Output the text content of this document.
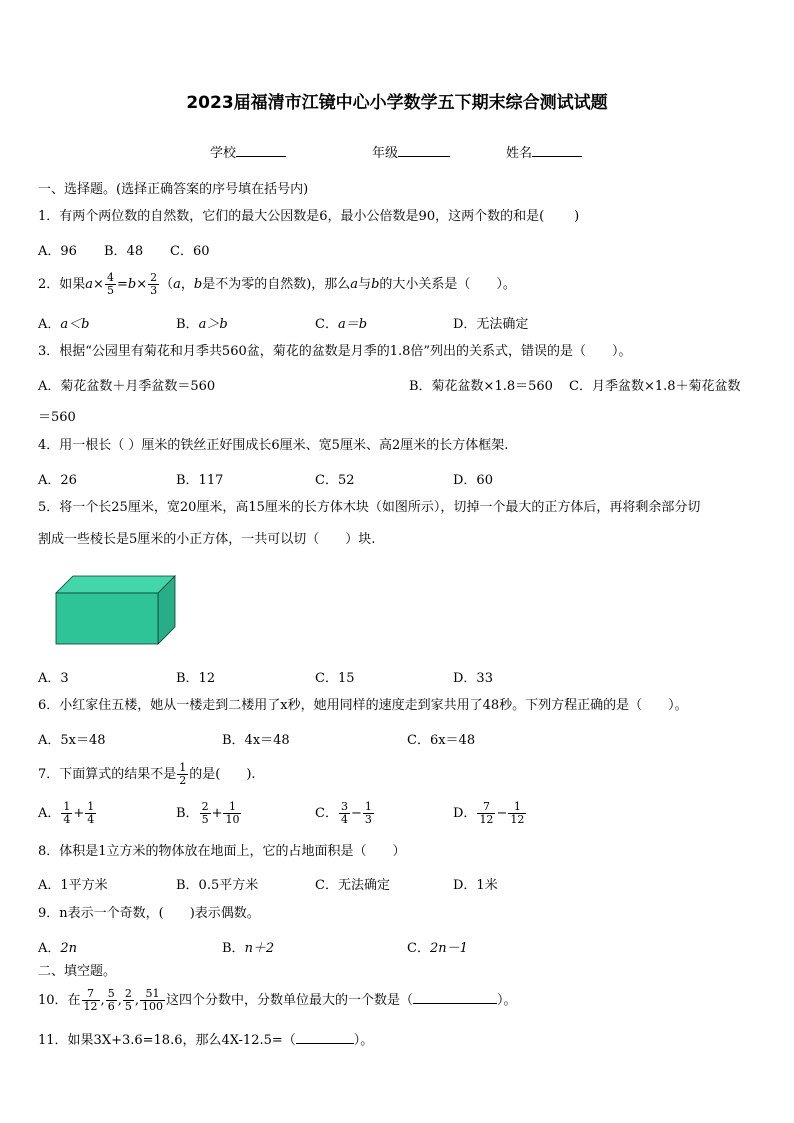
2023届福清市江镜中心小学数学五下期末综合测试试题
学校	年级	姓名
一、选择题。(选择正确答案的序号填在括号内)
1．有两个两位数的自然数，它们的最大公因数是6，最小公倍数是90，这两个数的和是( )
A．96 B．48 C．60
2．如果$a\times \frac{4}{5} =b\times \frac{2}{3} (a$，b是不为零的自然数)，那么a与b的大小关系是（　　）。
A．a＜b	B．a＞b	C．a＝b	D．无法确定
3．根据“公园里有菊花和月季共560盆，菊花的盆数是月季的1.8倍”列出的关系式，错误的是（　　）。
A．菊花盆数＋月季盆数＝560	B．菊花盆数×1.8＝560 C．月季盆数×1.8＋菊花盆数
＝560
4．用一根长（ ）厘米的铁丝正好围成长6厘米、宽5厘米、高2厘米的长方体框架.
A．26	B．117	C．52	D．60
5．将一个长25厘米，宽20厘米，高15厘米的长方体木块（如图所示），切掉一个最大的正方体后，再将剩余部分切
割成一些棱长是5厘米的小正方体，一共可以切（　　）块.
A．3	B．12	C．15	D．33
6．小红家住五楼，她从一楼走到二楼用了x秒，她用同样的速度走到家共用了48秒。下列方程正确的是（　　）。
A．5x＝48	B．4x＝48	C．6x＝48
7．下面算式的结果不是 $\frac{1}{2}$ 的是(　　).
A． $\frac{1}{4} + \frac{1}{4}$	B． $\frac{2}{5} + \frac{1}{10}$	C． $\frac{3}{4} - \frac{1}{3}$	D． $\frac{7}{12} - \frac{1}{12}$
8．体积是1立方米的物体放在地面上，它的占地面积是（　　）
A．1平方米	B．0.5平方米	C．无法确定	D．1米
9．n表示一个奇数，(　　)表示偶数。
A．2n	B．n＋2	C．2n－1
二、填空题。
10．在 $\frac{7}{12}$ , $\frac{5}{6}$ , $\frac{2}{5}$ , $\frac{51}{100}$ 这四个分数中，分数单位最大的一个数是（	）。
11．如果3X+3.6=18.6，那么4X-12.5=（	）。
